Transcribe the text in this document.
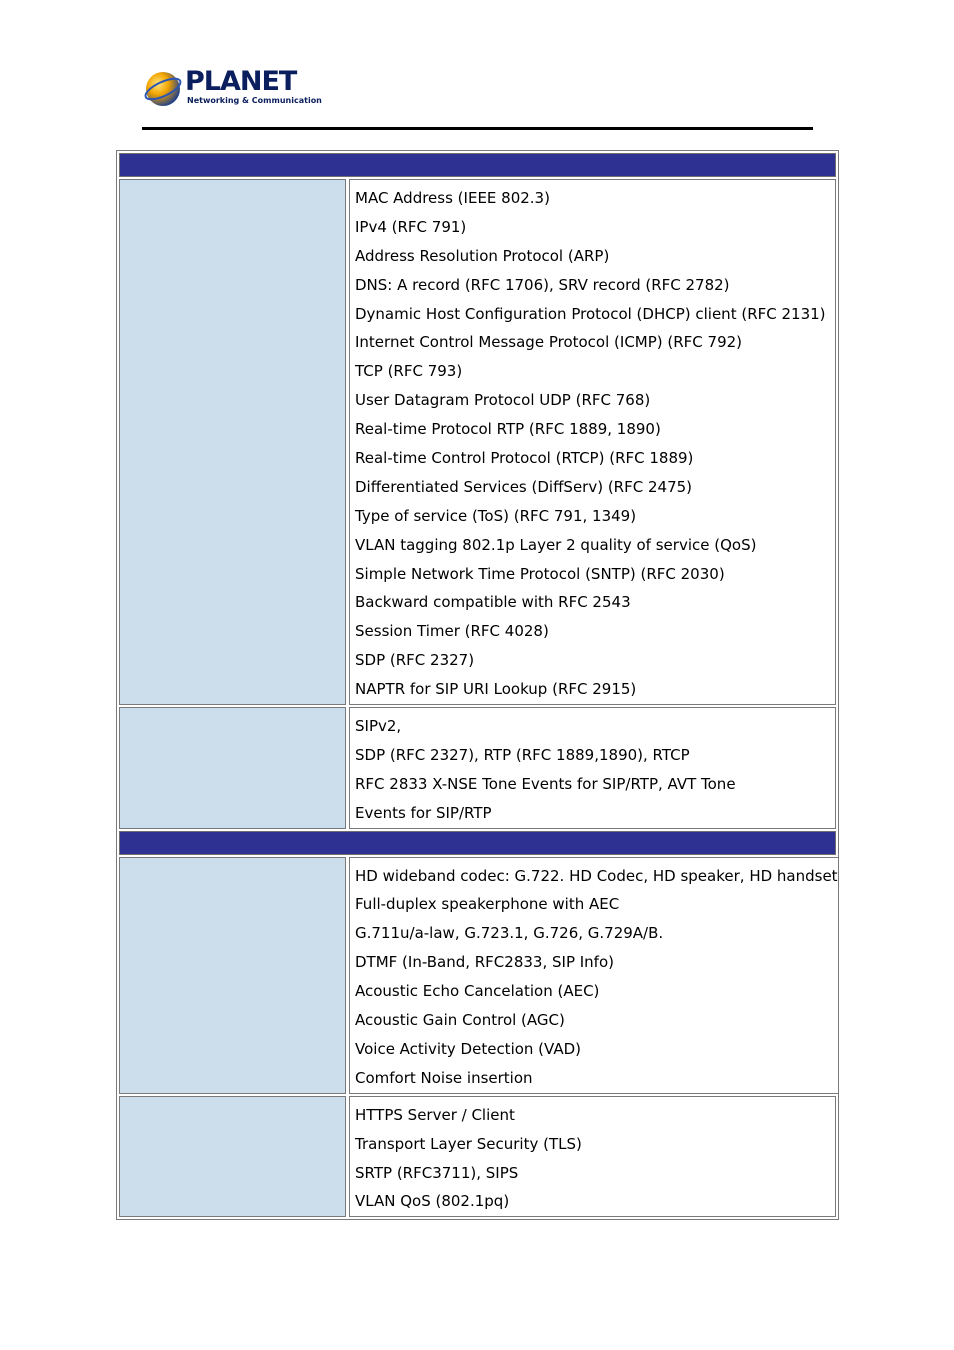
PLANET
Networking & Communication
MAC Address (IEEE 802.3)
IPv4 (RFC 791)
Address Resolution Protocol (ARP)
DNS: A record (RFC 1706), SRV record (RFC 2782)
Dynamic Host Configuration Protocol (DHCP) client (RFC 2131)
Internet Control Message Protocol (ICMP) (RFC 792)
TCP (RFC 793)
User Datagram Protocol UDP (RFC 768)
Real-time Protocol RTP (RFC 1889, 1890)
Real-time Control Protocol (RTCP) (RFC 1889)
Differentiated Services (DiffServ) (RFC 2475)
Type of service (ToS) (RFC 791, 1349)
VLAN tagging 802.1p Layer 2 quality of service (QoS)
Simple Network Time Protocol (SNTP) (RFC 2030)
Backward compatible with RFC 2543
Session Timer (RFC 4028)
SDP (RFC 2327)
NAPTR for SIP URI Lookup (RFC 2915)
SIPv2,
SDP (RFC 2327), RTP (RFC 1889,1890), RTCP
RFC 2833 X-NSE Tone Events for SIP/RTP, AVT Tone
Events for SIP/RTP
HD wideband codec: G.722. HD Codec, HD speaker, HD handset
Full-duplex speakerphone with AEC
G.711u/a-law, G.723.1, G.726, G.729A/B.
DTMF (In-Band, RFC2833, SIP Info)
Acoustic Echo Cancelation (AEC)
Acoustic Gain Control (AGC)
Voice Activity Detection (VAD)
Comfort Noise insertion
HTTPS Server / Client
Transport Layer Security (TLS)
SRTP (RFC3711), SIPS
VLAN QoS (802.1pq)
